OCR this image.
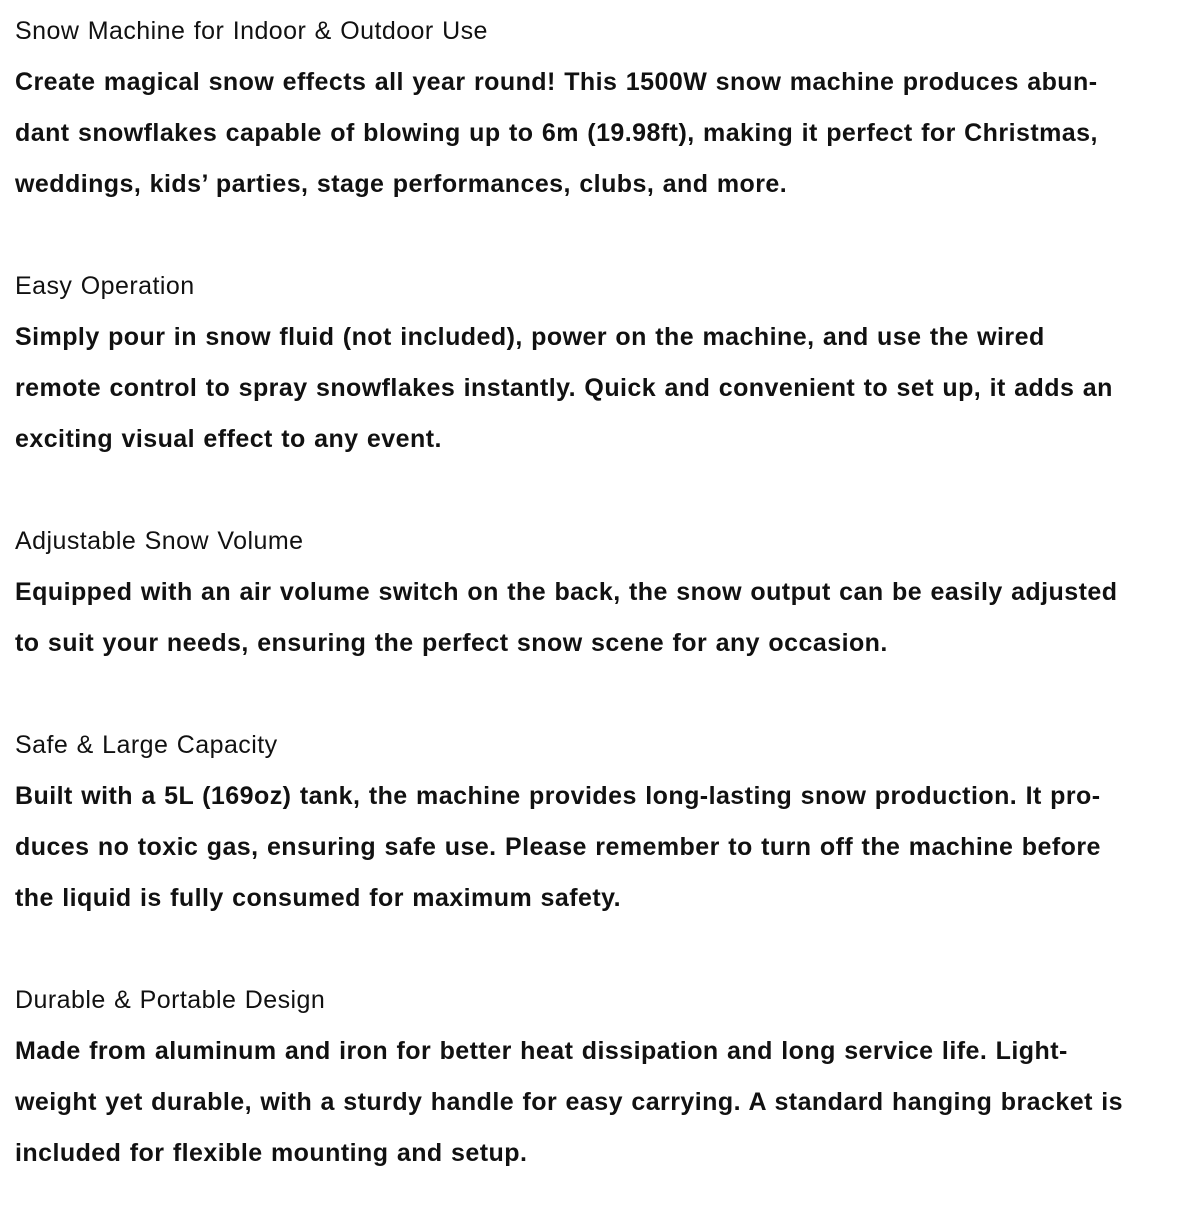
Snow Machine for Indoor & Outdoor Use
Create magical snow effects all year round! This 1500W snow machine produces abun-
dant snowflakes capable of blowing up to 6m (19.98ft), making it perfect for Christmas,
weddings, kids’ parties, stage performances, clubs, and more.
Easy Operation
Simply pour in snow fluid (not included), power on the machine, and use the wired
remote control to spray snowflakes instantly. Quick and convenient to set up, it adds an
exciting visual effect to any event.
Adjustable Snow Volume
Equipped with an air volume switch on the back, the snow output can be easily adjusted
to suit your needs, ensuring the perfect snow scene for any occasion.
Safe & Large Capacity
Built with a 5L (169oz) tank, the machine provides long-lasting snow production. It pro-
duces no toxic gas, ensuring safe use. Please remember to turn off the machine before
the liquid is fully consumed for maximum safety.
Durable & Portable Design
Made from aluminum and iron for better heat dissipation and long service life. Light-
weight yet durable, with a sturdy handle for easy carrying. A standard hanging bracket is
included for flexible mounting and setup.
